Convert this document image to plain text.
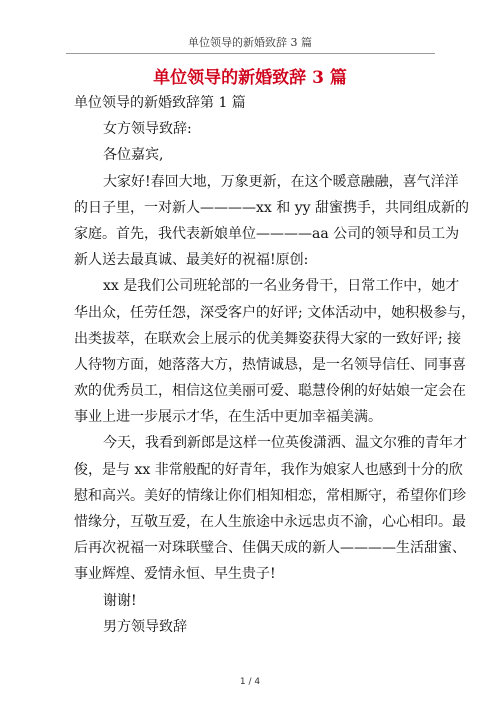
单位领导的新婚致辞 3 篇
单位领导的新婚致辞 3 篇
单位领导的新婚致辞第 1 篇
女方领导致辞:
各位嘉宾,
大家好!春回大地，万象更新，在这个暖意融融，喜气洋洋
的日子里，一对新人————xx 和 yy 甜蜜携手，共同组成新的
家庭。首先，我代表新娘单位————aa 公司的领导和员工为
新人送去最真诚、最美好的祝福!原创:
xx 是我们公司班轮部的一名业务骨干，日常工作中，她才
华出众，任劳任怨，深受客户的好评; 文体活动中，她积极参与，
出类拔萃，在联欢会上展示的优美舞姿获得大家的一致好评; 接
人待物方面，她落落大方，热情诚恳，是一名领导信任、同事喜
欢的优秀员工，相信这位美丽可爱、聪慧伶俐的好姑娘一定会在
事业上进一步展示才华，在生活中更加幸福美满。
今天，我看到新郎是这样一位英俊潇洒、温文尔雅的青年才
俊，是与 xx 非常般配的好青年，我作为娘家人也感到十分的欣
慰和高兴。美好的情缘让你们相知相恋，常相厮守，希望你们珍
惜缘分，互敬互爱，在人生旅途中永远忠贞不渝，心心相印。最
后再次祝福一对珠联璧合、佳偶天成的新人————生活甜蜜、
事业辉煌、爱情永恒、早生贵子!
谢谢!
男方领导致辞
1 / 4
